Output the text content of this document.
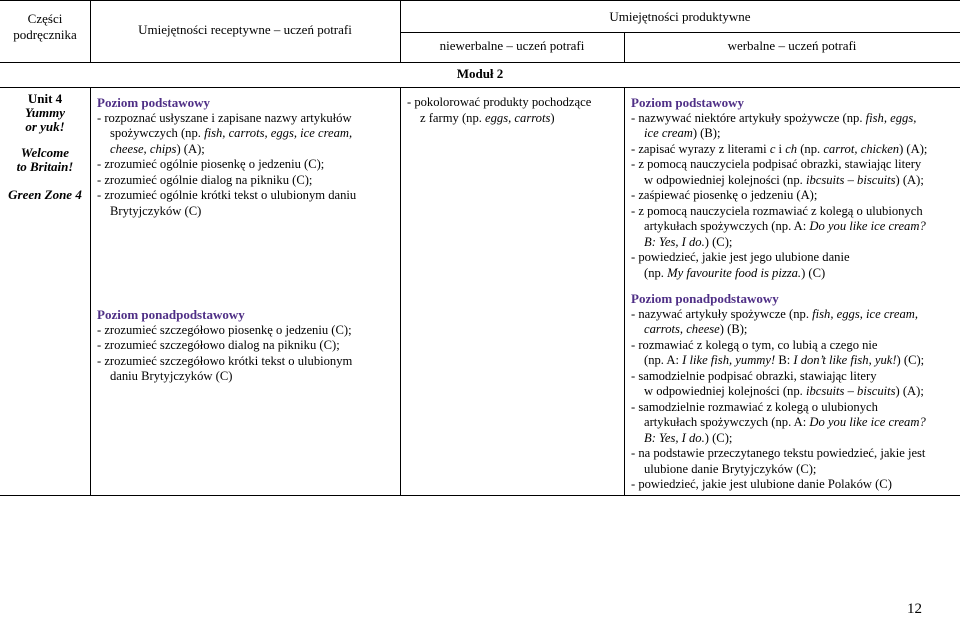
Części podręcznika	Umiejętności receptywne – uczeń potrafi
Umiejętności produktywne
niewerbalne – uczeń potrafi	werbalne – uczeń potrafi
Moduł 2
Unit 4
Yummy
or yuk!
Welcome
to Britain!
Green Zone 4
Poziom podstawowy
- rozpoznać usłyszane i zapisane nazwy artykułów
spożywczych (np. fish, carrots, eggs, ice cream,
cheese, chips) (A);
- zrozumieć ogólnie piosenkę o jedzeniu (C);
- zrozumieć ogólnie dialog na pikniku (C);
- zrozumieć ogólnie krótki tekst o ulubionym daniu
Brytyjczyków (C)
Poziom ponadpodstawowy
- zrozumieć szczegółowo piosenkę o jedzeniu (C);
- zrozumieć szczegółowo dialog na pikniku (C);
- zrozumieć szczegółowo krótki tekst o ulubionym
daniu Brytyjczyków (C)
- pokolorować produkty pochodzące
z farmy (np. eggs, carrots)
Poziom podstawowy
- nazwywać niektóre artykuły spożywcze (np. fish, eggs,
ice cream) (B);
- zapisać wyrazy z literami c i ch (np. carrot, chicken) (A);
- z pomocą nauczyciela podpisać obrazki, stawiając litery
w odpowiedniej kolejności (np. ibcsuits – biscuits) (A);
- zaśpiewać piosenkę o jedzeniu (A);
- z pomocą nauczyciela rozmawiać z kolegą o ulubionych
artykułach spożywczych (np. A: Do you like ice cream?
B: Yes, I do.) (C);
- powiedzieć, jakie jest jego ulubione danie
(np. My favourite food is pizza.) (C)
Poziom ponadpodstawowy
- nazywać artykuły spożywcze (np. fish, eggs, ice cream,
carrots, cheese) (B);
- rozmawiać z kolegą o tym, co lubią a czego nie
(np. A: I like fish, yummy! B: I don’t like fish, yuk!) (C);
- samodzielnie podpisać obrazki, stawiając litery
w odpowiedniej kolejności (np. ibcsuits – biscuits) (A);
- samodzielnie rozmawiać z kolegą o ulubionych
artykułach spożywczych (np. A: Do you like ice cream?
B: Yes, I do.) (C);
- na podstawie przeczytanego tekstu powiedzieć, jakie jest
ulubione danie Brytyjczyków (C);
- powiedzieć, jakie jest ulubione danie Polaków (C)
12
